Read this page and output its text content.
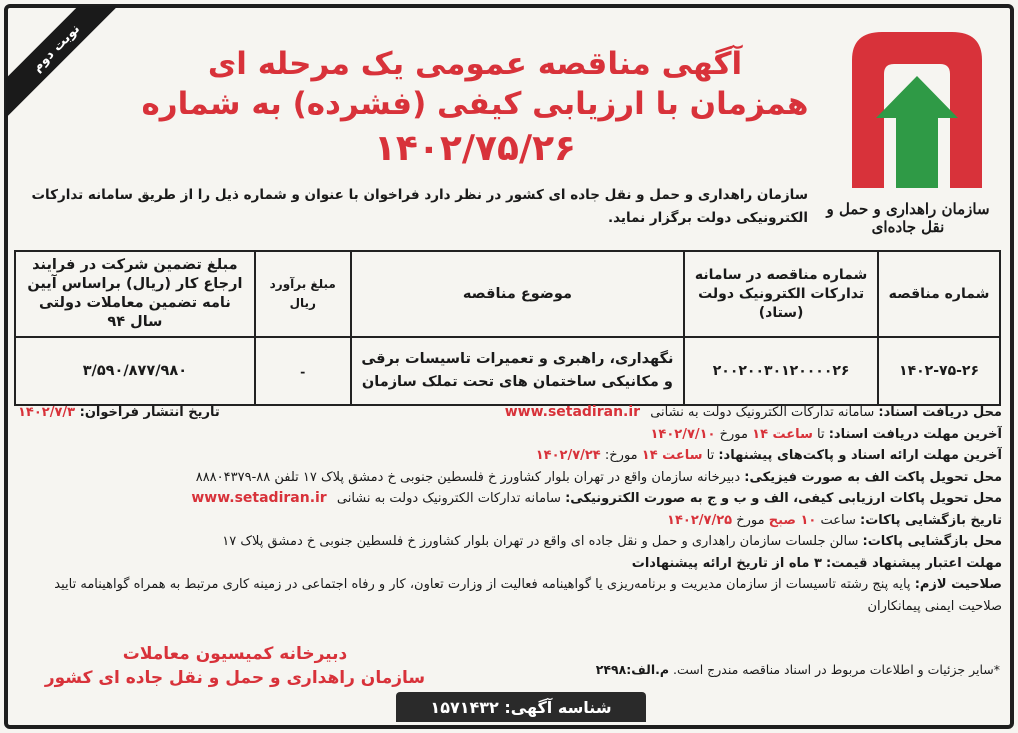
نوبت دوم
سازمان راهداری و حمل و نقل جاده‌ای
آگهی مناقصه عمومی یک مرحله ای
همزمان با ارزیابی کیفی (فشرده) به شماره
۱۴۰۲/۷۵/۲۶
سازمان راهداری و حمل و نقل جاده ای کشور در نظر دارد فراخوان با عنوان و شماره ذیل را از طریق سامانه تدارکات الکترونیکی دولت برگزار نماید.
شماره مناقصه	شماره مناقصه در سامانه تدارکات الکترونیک دولت (ستاد)	موضوع مناقصه	مبلغ برآورد ریال	مبلغ تضمین شرکت در فرایند ارجاع کار (ریال) براساس آیین نامه تضمین معاملات دولتی سال ۹۴
۱۴۰۲-۷۵-۲۶	۲۰۰۲۰۰۳۰۱۲۰۰۰۰۲۶	نگهداری، راهبری و تعمیرات تاسیسات برقی و مکانیکی ساختمان های تحت تملک سازمان	-	۳/۵۹۰/۸۷۷/۹۸۰
محل دریافت اسناد: سامانه تدارکات الکترونیک دولت به نشانی www.setadiran.ir
تاریخ انتشار فراخوان: ۱۴۰۲/۷/۳
آخرین مهلت دریافت اسناد: تا ساعت ۱۴ مورخ ۱۴۰۲/۷/۱۰
آخرین مهلت ارائه اسناد و پاکت‌های پیشنهاد: تا ساعت ۱۴ مورخ: ۱۴۰۲/۷/۲۴
محل تحویل پاکت الف به صورت فیزیکی: دبیرخانه سازمان واقع در تهران بلوار کشاورز خ فلسطین جنوبی خ دمشق پلاک ۱۷ تلفن ۸۸-۸۸۸۰۴۳۷۹
محل تحویل پاکات ارزیابی کیفی، الف و ب و ج به صورت الکترونیکی: سامانه تدارکات الکترونیک دولت به نشانی www.setadiran.ir
تاریخ بازگشایی پاکات: ساعت ۱۰ صبح مورخ ۱۴۰۲/۷/۲۵
محل بازگشایی پاکات: سالن جلسات سازمان راهداری و حمل و نقل جاده ای واقع در تهران بلوار کشاورز خ فلسطین جنوبی خ دمشق پلاک ۱۷
مهلت اعتبار پیشنهاد قیمت: ۳ ماه از تاریخ ارائه پیشنهادات
صلاحیت لازم: پایه پنج رشته تاسیسات از سازمان مدیریت و برنامه‌ریزی یا گواهینامه فعالیت از وزارت تعاون، کار و رفاه اجتماعی در زمینه کاری مرتبط به همراه گواهینامه تایید صلاحیت ایمنی پیمانکاران
*سایر جزئیات و اطلاعات مربوط در اسناد مناقصه مندرج است. م.الف:۲۴۹۸
دبیرخانه کمیسیون معاملات
سازمان راهداری و حمل و نقل جاده ای کشور
شناسه آگهی: ۱۵۷۱۴۳۲
